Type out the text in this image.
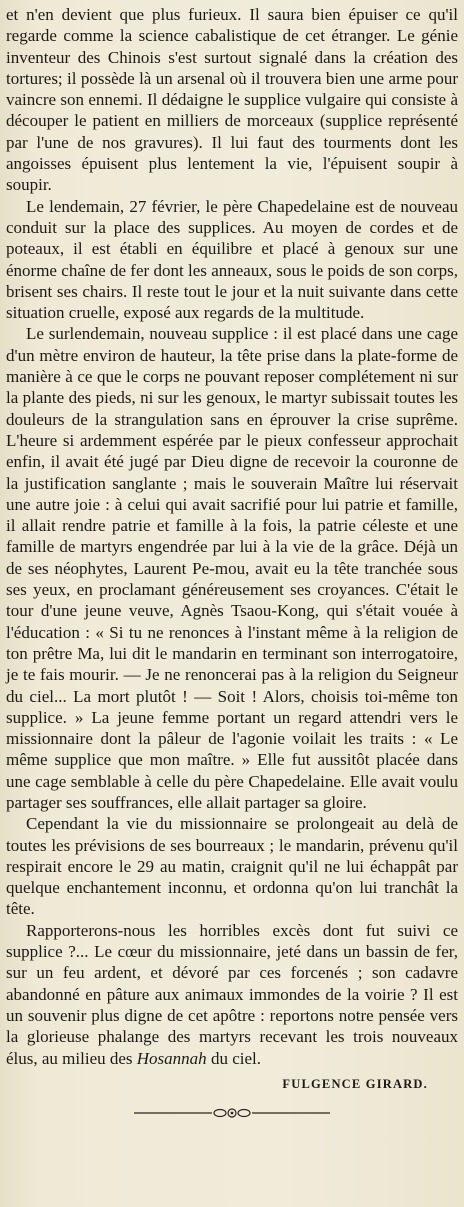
et n'en devient que plus furieux. Il saura bien épuiser ce qu'il regarde comme la science cabalistique de cet étranger. Le génie inventeur des Chinois s'est surtout signalé dans la création des tortures; il possède là un arsenal où il trouvera bien une arme pour vaincre son ennemi. Il dédaigne le supplice vulgaire qui consiste à découper le patient en milliers de morceaux (supplice représenté par l'une de nos gravures). Il lui faut des tourments dont les angoisses épuisent plus lentement la vie, l'épuisent soupir à soupir.

Le lendemain, 27 février, le père Chapedelaine est de nouveau conduit sur la place des supplices. Au moyen de cordes et de poteaux, il est établi en équilibre et placé à genoux sur une énorme chaîne de fer dont les anneaux, sous le poids de son corps, brisent ses chairs. Il reste tout le jour et la nuit suivante dans cette situation cruelle, exposé aux regards de la multitude.

Le surlendemain, nouveau supplice : il est placé dans une cage d'un mètre environ de hauteur, la tête prise dans la plate-forme de manière à ce que le corps ne pouvant reposer complétement ni sur la plante des pieds, ni sur les genoux, le martyr subissait toutes les douleurs de la strangulation sans en éprouver la crise suprême. L'heure si ardemment espérée par le pieux confesseur approchait enfin, il avait été jugé par Dieu digne de recevoir la couronne de la justification sanglante ; mais le souverain Maître lui réservait une autre joie : à celui qui avait sacrifié pour lui patrie et famille, il allait rendre patrie et famille à la fois, la patrie céleste et une famille de martyrs engendrée par lui à la vie de la grâce. Déjà un de ses néophytes, Laurent Pe-mou, avait eu la tête tranchée sous ses yeux, en proclamant généreusement ses croyances. C'était le tour d'une jeune veuve, Agnès Tsaou-Kong, qui s'était vouée à l'éducation : « Si tu ne renonces à l'instant même à la religion de ton prêtre Ma, lui dit le mandarin en terminant son interrogatoire, je te fais mourir. — Je ne renoncerai pas à la religion du Seigneur du ciel... La mort plutôt ! — Soit ! Alors, choisis toi-même ton supplice. » La jeune femme portant un regard attendri vers le missionnaire dont la pâleur de l'agonie voilait les traits : « Le même supplice que mon maître. » Elle fut aussitôt placée dans une cage semblable à celle du père Chapedelaine. Elle avait voulu partager ses souffrances, elle allait partager sa gloire.

Cependant la vie du missionnaire se prolongeait au delà de toutes les prévisions de ses bourreaux ; le mandarin, prévenu qu'il respirait encore le 29 au matin, craignit qu'il ne lui échappât par quelque enchantement inconnu, et ordonna qu'on lui tranchât la tête.

Rapporterons-nous les horribles excès dont fut suivi ce supplice ?... Le cœur du missionnaire, jeté dans un bassin de fer, sur un feu ardent, et dévoré par ces forcenés ; son cadavre abandonné en pâture aux animaux immondes de la voirie ? Il est un souvenir plus digne de cet apôtre : reportons notre pensée vers la glorieuse phalange des martyrs recevant les trois nouveaux élus, au milieu des Hosannah du ciel.

FULGENCE GIRARD.
